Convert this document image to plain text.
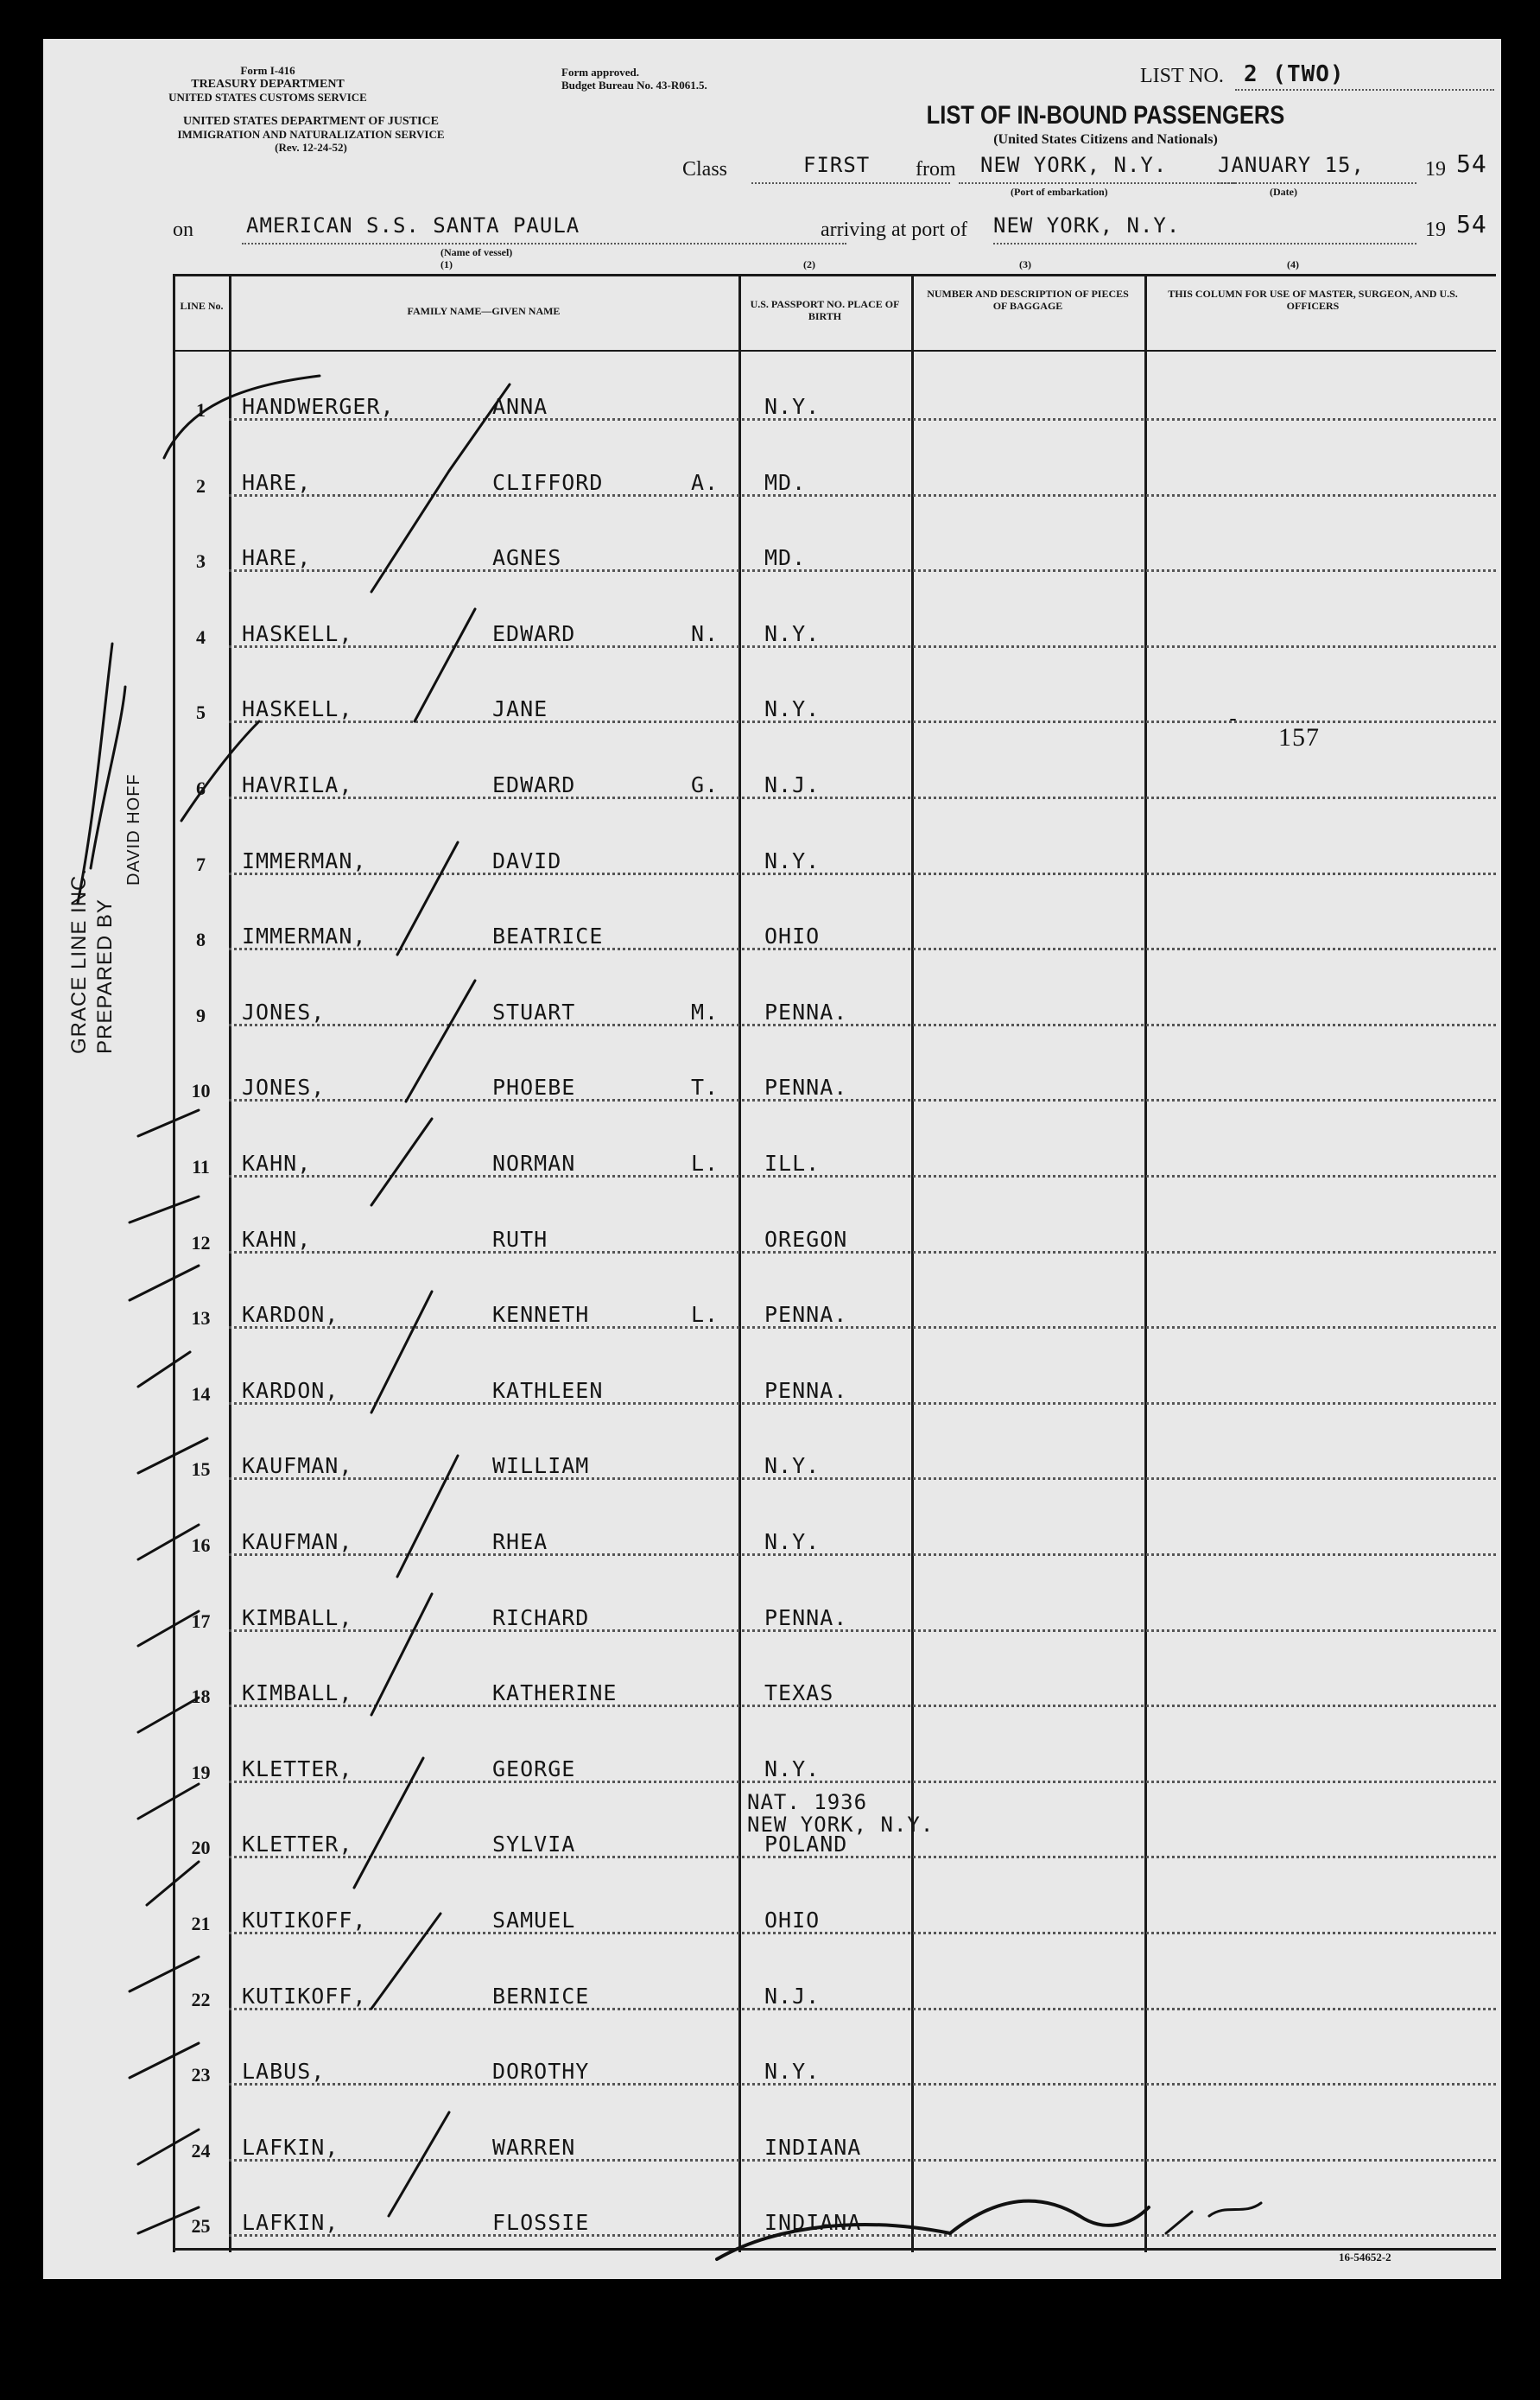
Form I-416
TREASURY DEPARTMENT
UNITED STATES CUSTOMS SERVICE
UNITED STATES DEPARTMENT OF JUSTICE
IMMIGRATION AND NATURALIZATION SERVICE
(Rev. 12-24-52)
Form approved.
Budget Bureau No. 43-R061.5.	LIST NO. 2 (TWO)
LIST OF IN-BOUND PASSENGERS
(United States Citizens and Nationals)
Class	FIRST from NEW YORK, N.Y. JANUARY 15,	19 54
(Port of embarkation)	(Date)
on	AMERICAN S.S. SANTA PAULA
(Name of vessel)
arriving at port of NEW YORK, N.Y.	19 54
(1)	(2)	(3)	(4)
LINE No.	FAMILY NAME—GIVEN NAME
U.S. PASSPORT NO. PLACE OF BIRTH
NUMBER AND DESCRIPTION OF PIECES OF BAGGAGE
THIS COLUMN FOR USE OF MASTER, SURGEON, AND U.S. OFFICERS
1	HANDWERGER,	ANNA	N.Y.
2	HARE,	CLIFFORD	A. MD.
3	HARE,	AGNES	MD.
4	HASKELL,	EDWARD	N. N.Y.
5	HASKELL,	JANE	N.Y.
6	HAVRILA,	EDWARD	G. N.J.
7	IMMERMAN,	DAVID	N.Y.
8	IMMERMAN,	BEATRICE	OHIO
9	JONES,	STUART	M. PENNA.
10	JONES,	PHOEBE	T. PENNA.
11	KAHN,	NORMAN	L. ILL.
12	KAHN,	RUTH	OREGON
13	KARDON,	KENNETH	L. PENNA.
14	KARDON,	KATHLEEN	PENNA.
15	KAUFMAN,	WILLIAM	N.Y.
16	KAUFMAN,	RHEA	N.Y.
17	KIMBALL,	RICHARD	PENNA.
18	KIMBALL,	KATHERINE	TEXAS
19	KLETTER,	GEORGE	N.Y.
20	KLETTER,	SYLVIA	POLAND
NAT. 1936
NEW YORK, N.Y.
21	KUTIKOFF,	SAMUEL	OHIO
22	KUTIKOFF,	BERNICE	N.J.
23	LABUS,	DOROTHY	N.Y.
24	LAFKIN,	WARREN	INDIANA
25	LAFKIN,	FLOSSIE	INDIANA
157
-
16-54652-2
GRACE LINE INC. PREPARED BY
DAVID HOFF
